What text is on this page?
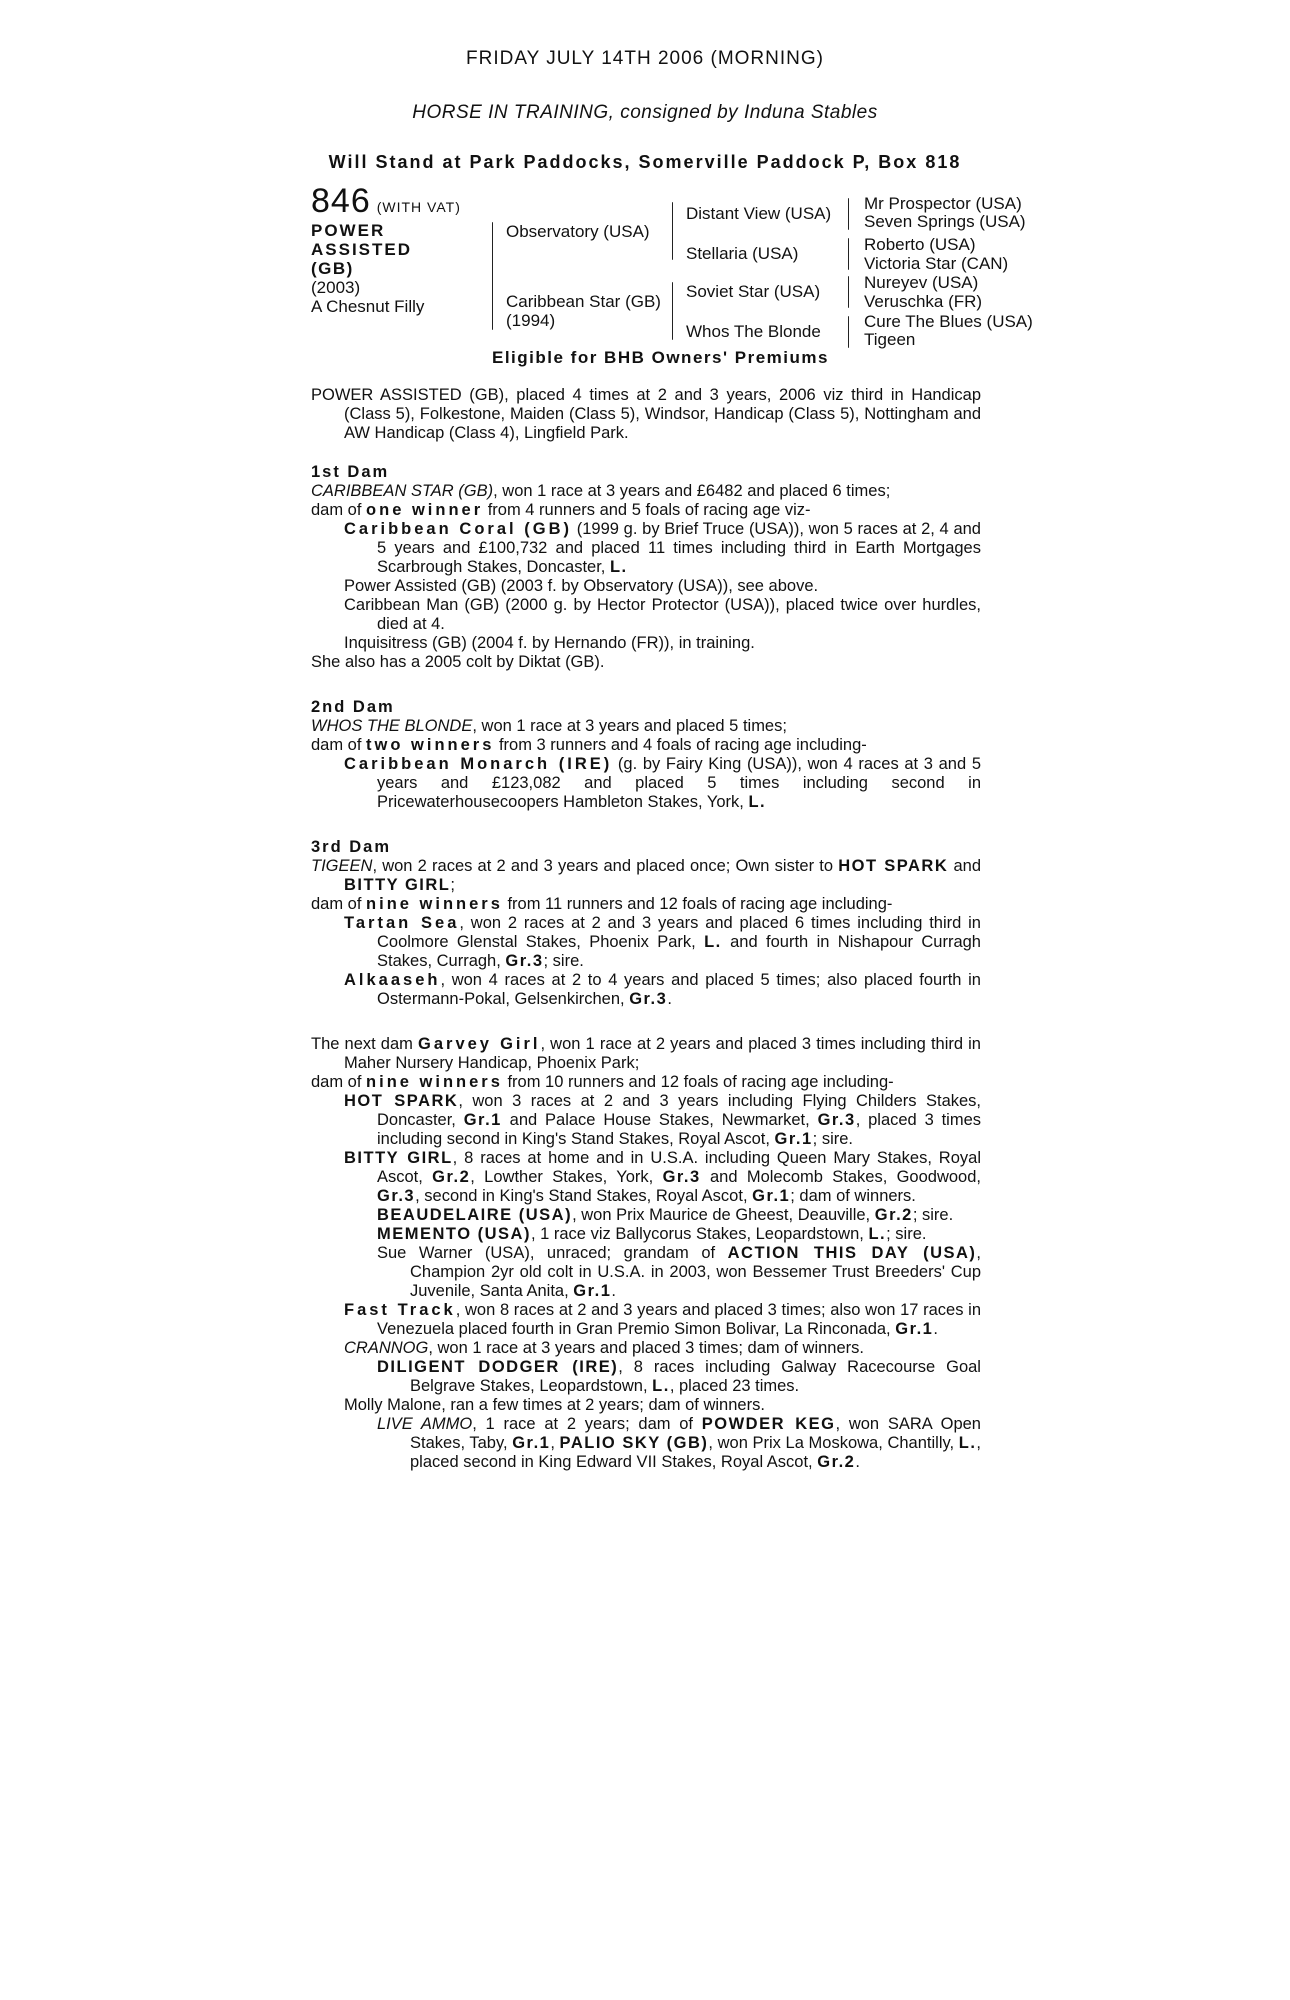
FRIDAY JULY 14TH 2006 (MORNING)
HORSE IN TRAINING, consigned by Induna Stables
Will Stand at Park Paddocks, Somerville Paddock P, Box 818
846 (WITH VAT)
POWER ASSISTED
(GB)
(2003)
A Chesnut Filly
Observatory (USA)
Caribbean Star (GB)
(1994)
Distant View (USA)
Stellaria (USA)
Soviet Star (USA)
Whos The Blonde
Mr Prospector (USA)
Seven Springs (USA)
Roberto (USA)
Victoria Star (CAN)
Nureyev (USA)
Veruschka (FR)
Cure The Blues (USA)
Tigeen
Eligible for BHB Owners' Premiums

POWER ASSISTED (GB), placed 4 times at 2 and 3 years, 2006 viz third in Handicap (Class 5), Folkestone, Maiden (Class 5), Windsor, Handicap (Class 5), Nottingham and AW Handicap (Class 4), Lingfield Park.

1st Dam

CARIBBEAN STAR (GB), won 1 race at 3 years and £6482 and placed 6 times;

dam of one winner from 4 runners and 5 foals of racing age viz-

Caribbean Coral (GB) (1999 g. by Brief Truce (USA)), won 5 races at 2, 4 and 5 years and £100,732 and placed 11 times including third in Earth Mortgages Scarbrough Stakes, Doncaster, L.

Power Assisted (GB) (2003 f. by Observatory (USA)), see above.

Caribbean Man (GB) (2000 g. by Hector Protector (USA)), placed twice over hurdles, died at 4.

Inquisitress (GB) (2004 f. by Hernando (FR)), in training.

She also has a 2005 colt by Diktat (GB).

2nd Dam

WHOS THE BLONDE, won 1 race at 3 years and placed 5 times;

dam of two winners from 3 runners and 4 foals of racing age including-

Caribbean Monarch (IRE) (g. by Fairy King (USA)), won 4 races at 3 and 5 years and £123,082 and placed 5 times including second in Pricewaterhousecoopers Hambleton Stakes, York, L.

3rd Dam

TIGEEN, won 2 races at 2 and 3 years and placed once; Own sister to HOT SPARK and BITTY GIRL;

dam of nine winners from 11 runners and 12 foals of racing age including-

Tartan Sea, won 2 races at 2 and 3 years and placed 6 times including third in Coolmore Glenstal Stakes, Phoenix Park, L. and fourth in Nishapour Curragh Stakes, Curragh, Gr.3; sire.

Alkaaseh, won 4 races at 2 to 4 years and placed 5 times; also placed fourth in Ostermann-Pokal, Gelsenkirchen, Gr.3.

The next dam Garvey Girl, won 1 race at 2 years and placed 3 times including third in Maher Nursery Handicap, Phoenix Park;

dam of nine winners from 10 runners and 12 foals of racing age including-

HOT SPARK, won 3 races at 2 and 3 years including Flying Childers Stakes, Doncaster, Gr.1 and Palace House Stakes, Newmarket, Gr.3, placed 3 times including second in King's Stand Stakes, Royal Ascot, Gr.1; sire.

BITTY GIRL, 8 races at home and in U.S.A. including Queen Mary Stakes, Royal Ascot, Gr.2, Lowther Stakes, York, Gr.3 and Molecomb Stakes, Goodwood, Gr.3, second in King's Stand Stakes, Royal Ascot, Gr.1; dam of winners.

BEAUDELAIRE (USA), won Prix Maurice de Gheest, Deauville, Gr.2; sire.

MEMENTO (USA), 1 race viz Ballycorus Stakes, Leopardstown, L.; sire.

Sue Warner (USA), unraced; grandam of ACTION THIS DAY (USA), Champion 2yr old colt in U.S.A. in 2003, won Bessemer Trust Breeders' Cup Juvenile, Santa Anita, Gr.1.

Fast Track, won 8 races at 2 and 3 years and placed 3 times; also won 17 races in Venezuela placed fourth in Gran Premio Simon Bolivar, La Rinconada, Gr.1.

CRANNOG, won 1 race at 3 years and placed 3 times; dam of winners.

DILIGENT DODGER (IRE), 8 races including Galway Racecourse Goal Belgrave Stakes, Leopardstown, L., placed 23 times.

Molly Malone, ran a few times at 2 years; dam of winners.

LIVE AMMO, 1 race at 2 years; dam of POWDER KEG, won SARA Open Stakes, Taby, Gr.1, PALIO SKY (GB), won Prix La Moskowa, Chantilly, L., placed second in King Edward VII Stakes, Royal Ascot, Gr.2.
